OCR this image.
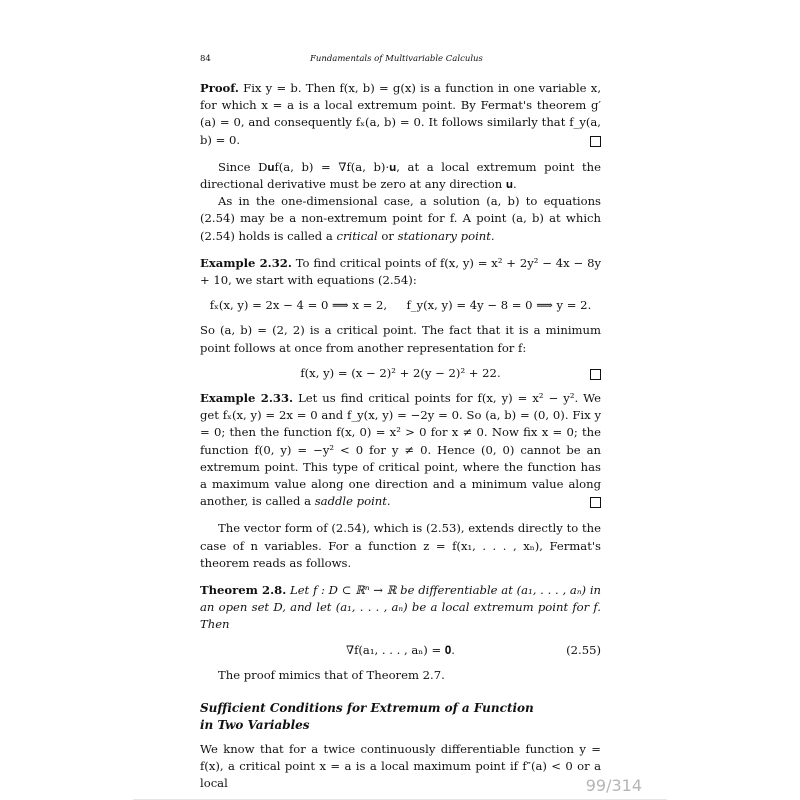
84	Fundamentals of Multivariable Calculus

Proof. Fix y = b. Then f(x, b) = g(x) is a function in one variable x, for which x = a is a local extremum point. By Fermat's theorem g′(a) = 0, and consequently fₓ(a, b) = 0. It follows similarly that f_y(a, b) = 0.

Since D𝐮f(a, b) = ∇f(a, b)·𝐮, at a local extremum point the directional derivative must be zero at any direction 𝐮.

As in the one-dimensional case, a solution (a, b) to equations (2.54) may be a non-extremum point for f. A point (a, b) at which (2.54) holds is called a critical or stationary point.

Example 2.32. To find critical points of f(x, y) = x² + 2y² − 4x − 8y + 10, we start with equations (2.54):

fₓ(x, y) = 2x − 4 = 0 ⟹ x = 2, f_y(x, y) = 4y − 8 = 0 ⟹ y = 2.

So (a, b) = (2, 2) is a critical point. The fact that it is a minimum point follows at once from another representation for f:

f(x, y) = (x − 2)² + 2(y − 2)² + 22.

Example 2.33. Let us find critical points for f(x, y) = x² − y². We get fₓ(x, y) = 2x = 0 and f_y(x, y) = −2y = 0. So (a, b) = (0, 0). Fix y = 0; then the function f(x, 0) = x² > 0 for x ≠ 0. Now fix x = 0; the function f(0, y) = −y² < 0 for y ≠ 0. Hence (0, 0) cannot be an extremum point. This type of critical point, where the function has a maximum value along one direction and a minimum value along another, is called a saddle point.

The vector form of (2.54), which is (2.53), extends directly to the case of n variables. For a function z = f(x₁, . . . , xₙ), Fermat's theorem reads as follows.

Theorem 2.8. Let f : D ⊂ ℝⁿ → ℝ be differentiable at (a₁, . . . , aₙ) in an open set D, and let (a₁, . . . , aₙ) be a local extremum point for f. Then

∇f(a₁, . . . , aₙ) = 𝟎.	(2.55)

The proof mimics that of Theorem 2.7.

Sufficient Conditions for Extremum of a Function
in Two Variables

We know that for a twice continuously differentiable function y = f(x), a critical point x = a is a local maximum point if f″(a) < 0 or a local	99/314
